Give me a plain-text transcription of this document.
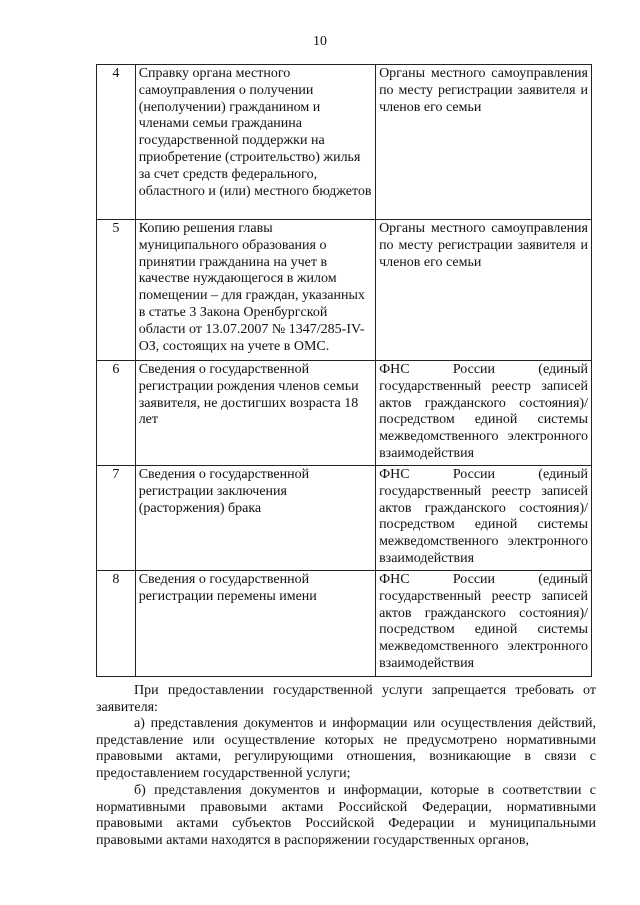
10
4	Справку органа местного самоуправления о получении (неполучении) гражданином и членами семьи гражданина государственной поддержки на приобретение (строительство) жилья за счет средств федерального, областного и (или) местного бюджетов	Органы местного самоуправления по месту регистрации заявителя и членов его семьи
5	Копию решения главы муниципального образования о принятии гражданина на учет в качестве нуждающегося в жилом помещении – для граждан, указанных в статье 3 Закона Оренбургской области от 13.07.2007 № 1347/285-IV-ОЗ, состоящих на учете в ОМС.	Органы местного самоуправления по месту регистрации заявителя и членов его семьи
6	Сведения о государственной регистрации рождения членов семьи заявителя, не достигших возраста 18 лет	ФНС России (единый государственный реестр записей актов гражданского состояния)/посредством единой системы межведомственного электронного взаимодействия
7	Сведения о государственной регистрации заключения (расторжения) брака	ФНС России (единый государственный реестр записей актов гражданского состояния)/ посредством единой системы межведомственного электронного взаимодействия
8	Сведения о государственной регистрации перемены имени	ФНС России (единый государственный реестр записей актов гражданского состояния)/посредством единой системы межведомственного электронного взаимодействия

При предоставлении государственной услуги запрещается требовать от заявителя:

а) представления документов и информации или осуществления действий, представление или осуществление которых не предусмотрено нормативными правовыми актами, регулирующими отношения, возникающие в связи с предоставлением государственной услуги;

б) представления документов и информации, которые в соответствии с нормативными правовыми актами Российской Федерации, нормативными правовыми актами субъектов Российской Федерации и муниципальными правовыми актами находятся в распоряжении государственных органов,
